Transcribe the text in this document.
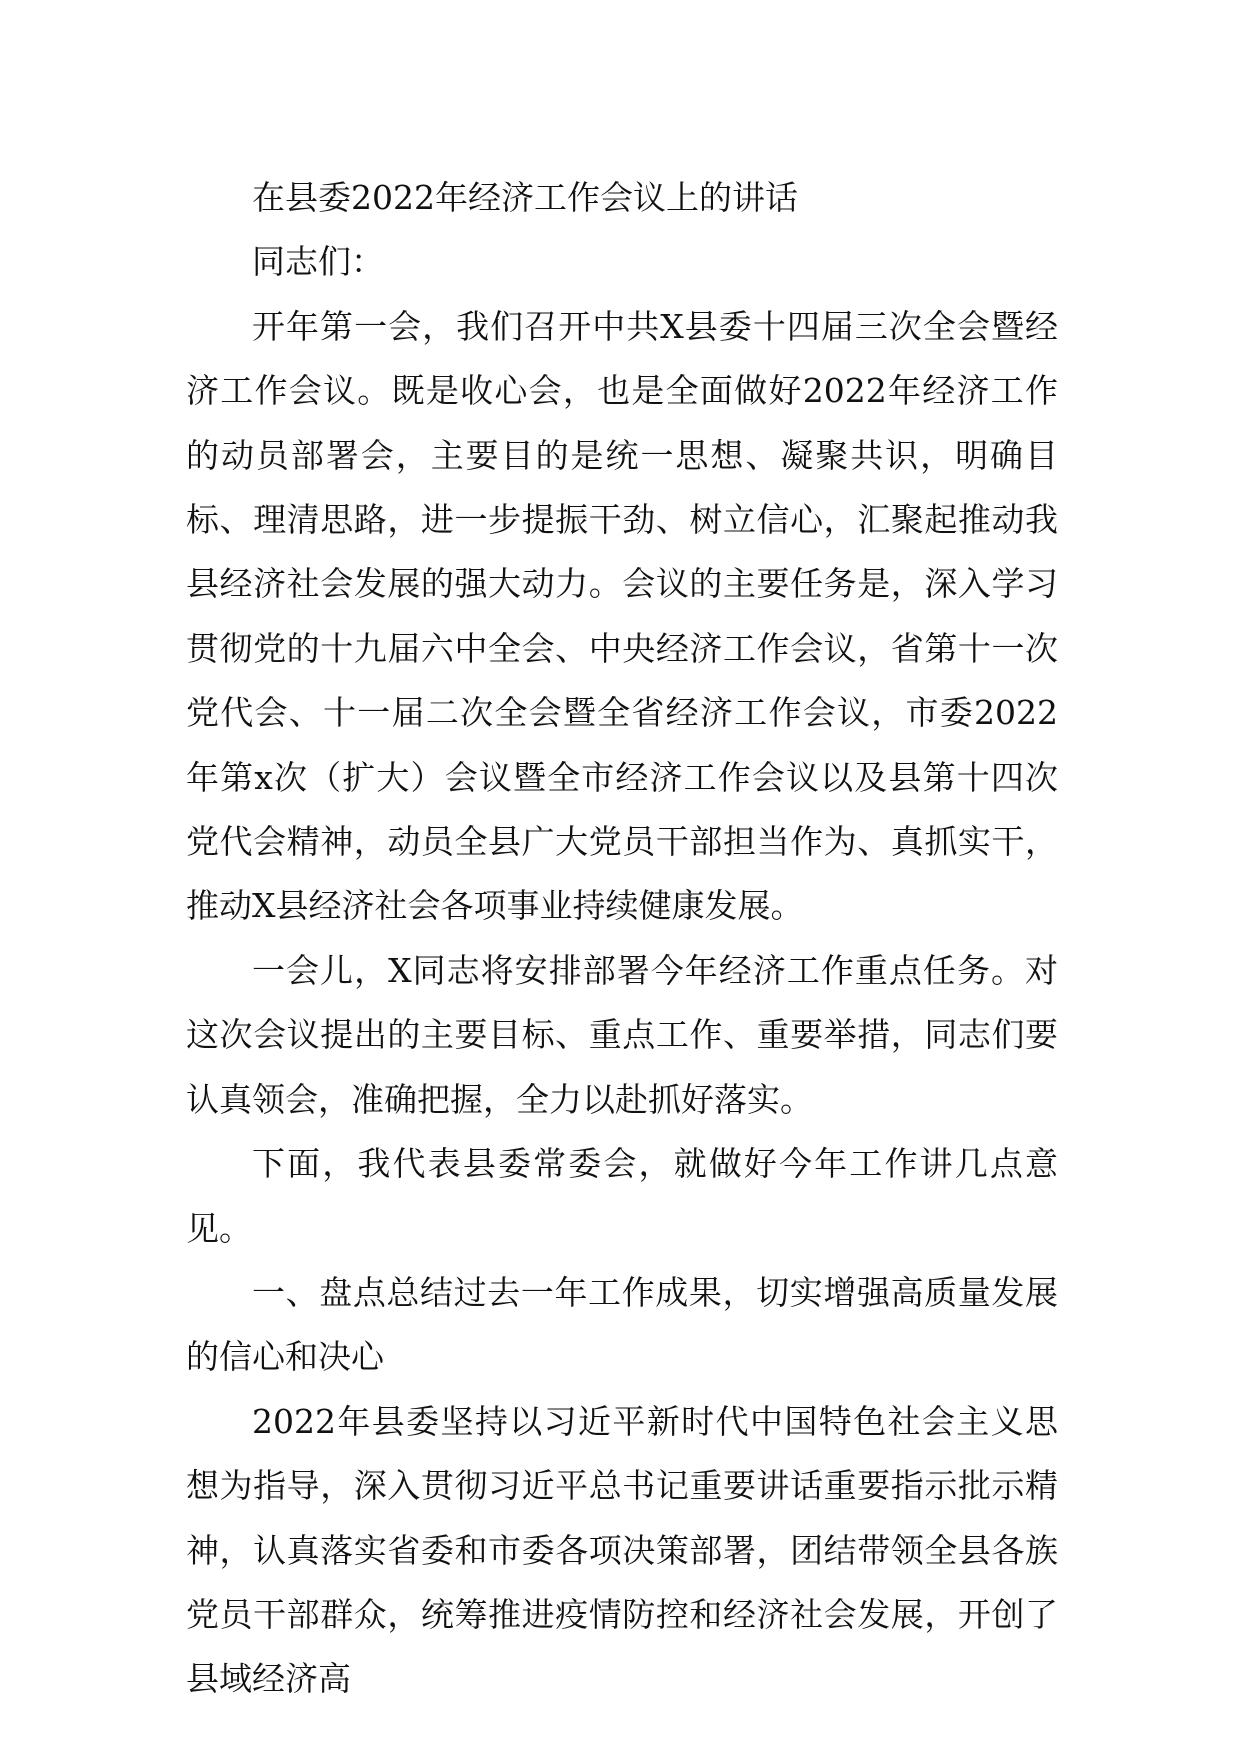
在县委2022年经济工作会议上的讲话

同志们：

开年第一会，我们召开中共X县委十四届三次全会暨经济工作会议。既是收心会，也是全面做好2022年经济工作的动员部署会，主要目的是统一思想、凝聚共识，明确目标、理清思路，进一步提振干劲、树立信心，汇聚起推动我县经济社会发展的强大动力。会议的主要任务是，深入学习贯彻党的十九届六中全会、中央经济工作会议，省第十一次党代会、十一届二次全会暨全省经济工作会议，市委2022年第x次（扩大）会议暨全市经济工作会议以及县第十四次党代会精神，动员全县广大党员干部担当作为、真抓实干，推动X县经济社会各项事业持续健康发展。

一会儿，X同志将安排部署今年经济工作重点任务。对这次会议提出的主要目标、重点工作、重要举措，同志们要认真领会，准确把握，全力以赴抓好落实。

下面，我代表县委常委会，就做好今年工作讲几点意见。

一、盘点总结过去一年工作成果，切实增强高质量发展的信心和决心

2022年县委坚持以习近平新时代中国特色社会主义思想为指导，深入贯彻习近平总书记重要讲话重要指示批示精神，认真落实省委和市委各项决策部署，团结带领全县各族党员干部群众，统筹推进疫情防控和经济社会发展，开创了县域经济高
